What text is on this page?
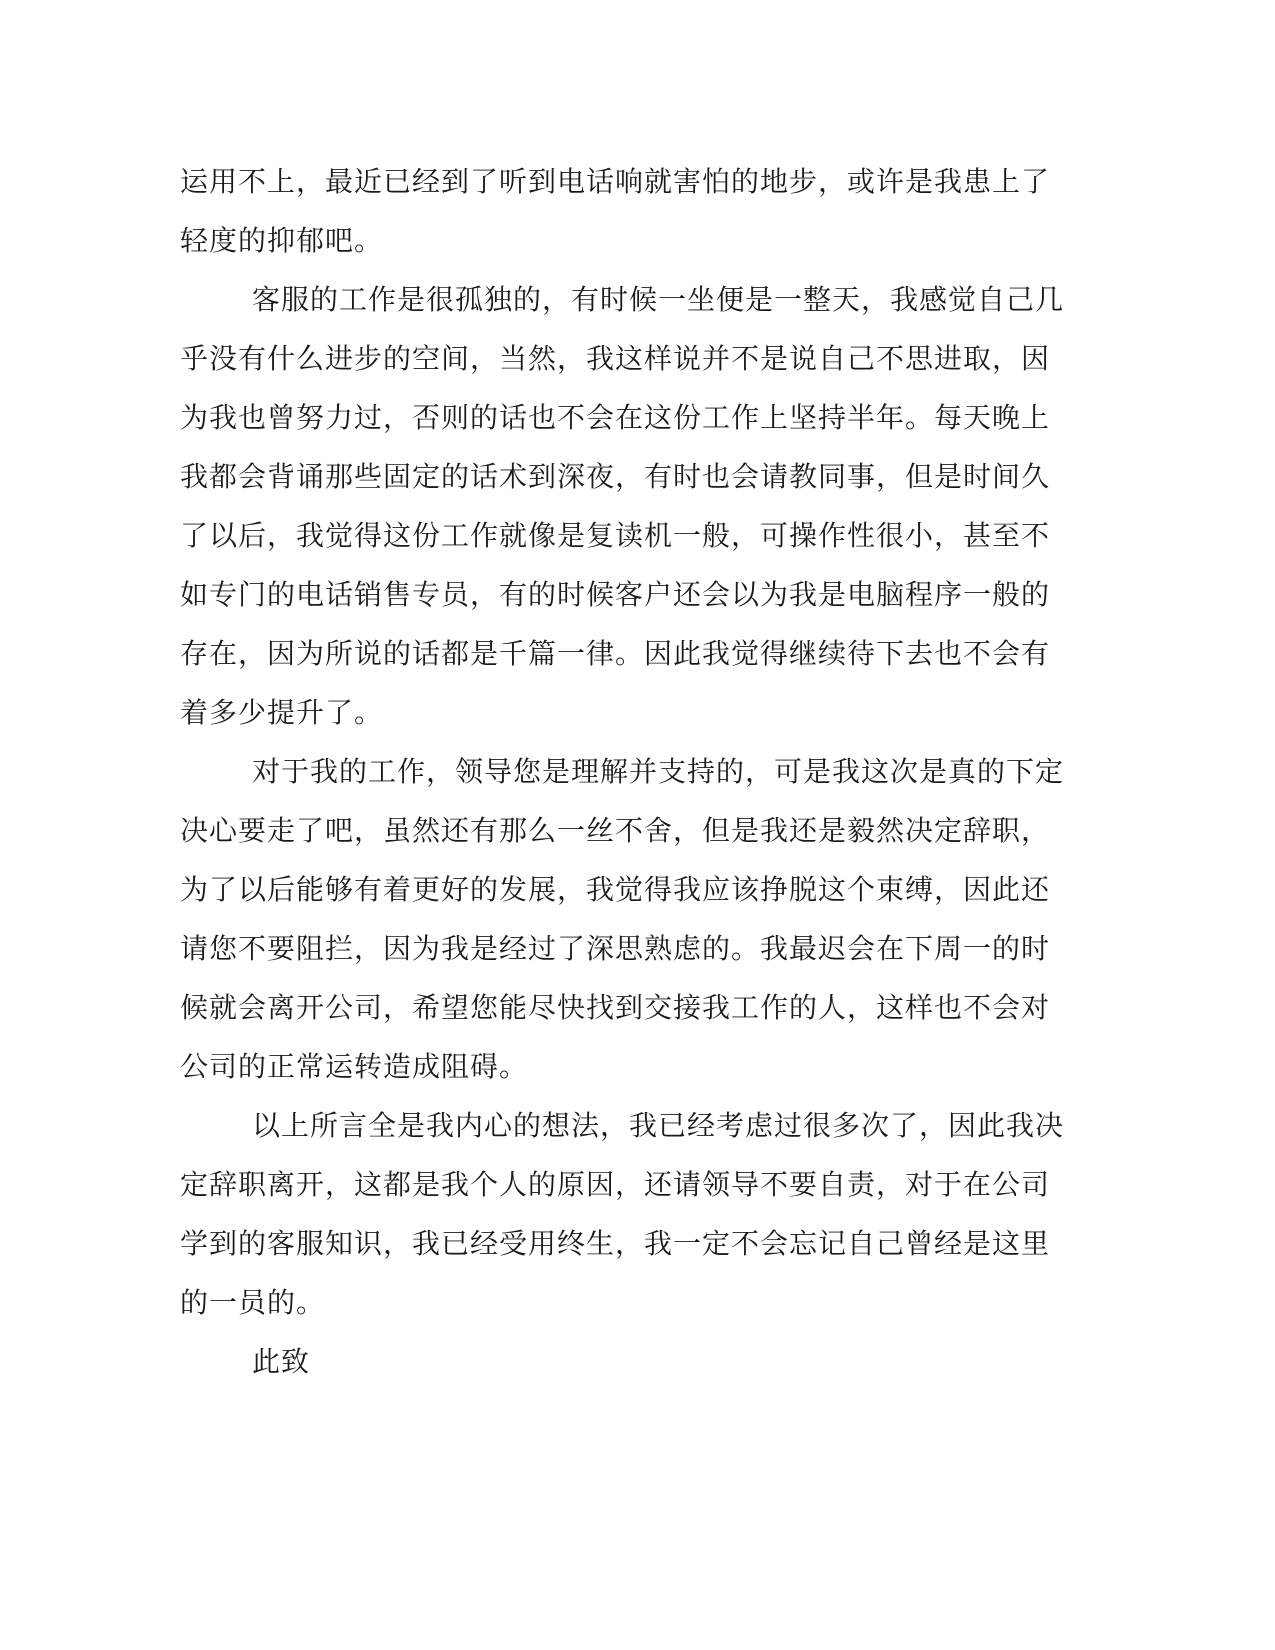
运用不上，最近已经到了听到电话响就害怕的地步，或许是我患上了
轻度的抑郁吧。
客服的工作是很孤独的，有时候一坐便是一整天，我感觉自己几
乎没有什么进步的空间，当然，我这样说并不是说自己不思进取，因
为我也曾努力过，否则的话也不会在这份工作上坚持半年。每天晚上
我都会背诵那些固定的话术到深夜，有时也会请教同事，但是时间久
了以后，我觉得这份工作就像是复读机一般，可操作性很小，甚至不
如专门的电话销售专员，有的时候客户还会以为我是电脑程序一般的
存在，因为所说的话都是千篇一律。因此我觉得继续待下去也不会有
着多少提升了。
对于我的工作，领导您是理解并支持的，可是我这次是真的下定
决心要走了吧，虽然还有那么一丝不舍，但是我还是毅然决定辞职，
为了以后能够有着更好的发展，我觉得我应该挣脱这个束缚，因此还
请您不要阻拦，因为我是经过了深思熟虑的。我最迟会在下周一的时
候就会离开公司，希望您能尽快找到交接我工作的人，这样也不会对
公司的正常运转造成阻碍。
以上所言全是我内心的想法，我已经考虑过很多次了，因此我决
定辞职离开，这都是我个人的原因，还请领导不要自责，对于在公司
学到的客服知识，我已经受用终生，我一定不会忘记自己曾经是这里
的一员的。
此致
